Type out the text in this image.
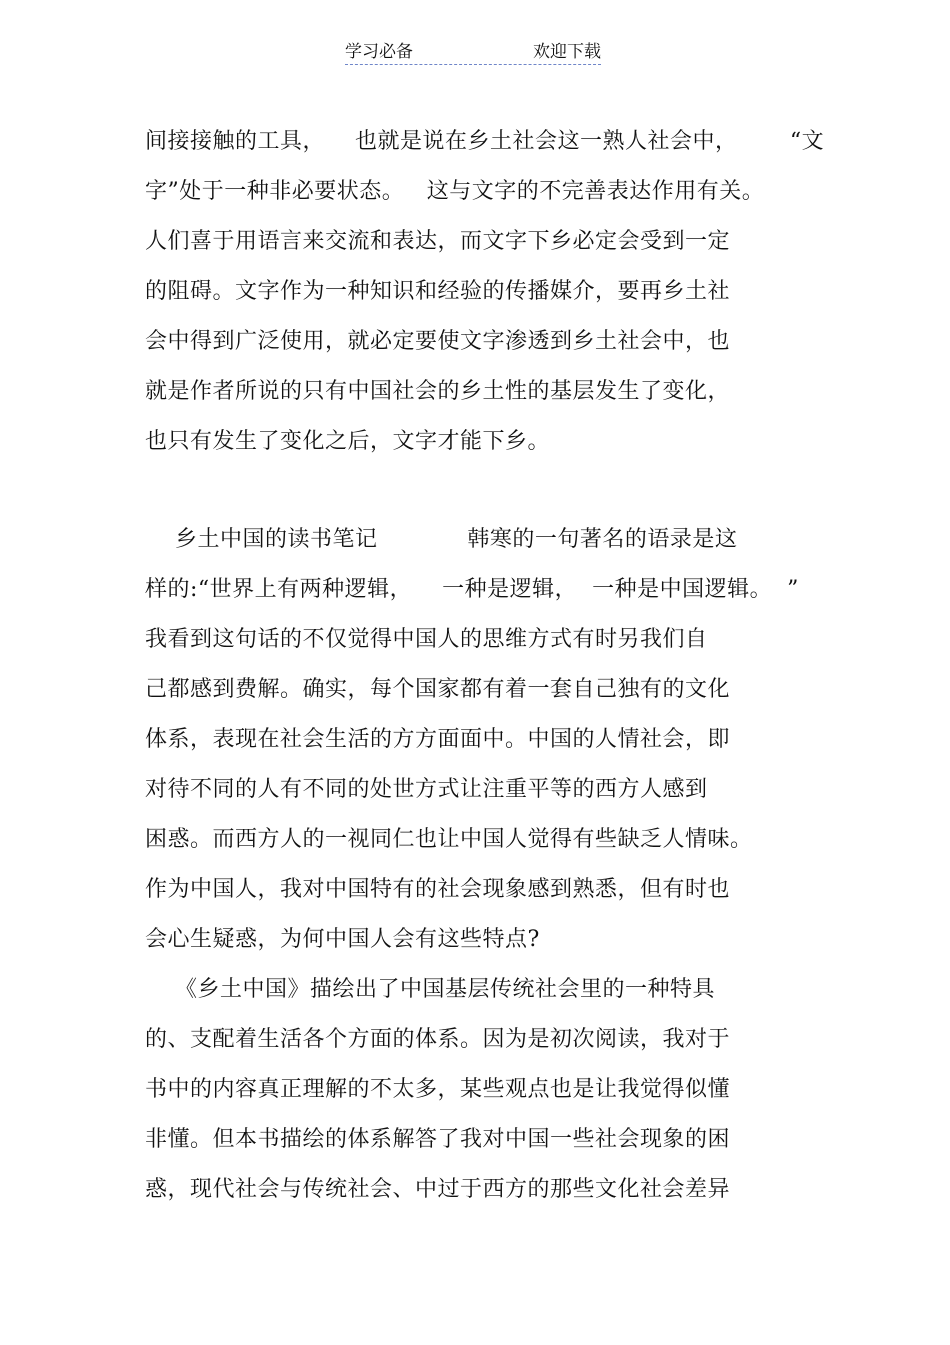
学习必备	欢迎下载
间接接触的工具，    也就是说在乡土社会这一熟人社会中，       “文
字”处于一种非必要状态。   这与文字的不完善表达作用有关。
人们喜于用语言来交流和表达，而文字下乡必定会受到一定
的阻碍。文字作为一种知识和经验的传播媒介，要再乡土社
会中得到广泛使用，就必定要使文字渗透到乡土社会中，也
就是作者所说的只有中国社会的乡土性的基层发生了变化，
也只有发生了变化之后，文字才能下乡。
乡土中国的读书笔记            韩寒的一句著名的语录是这
样的:“世界上有两种逻辑，    一种是逻辑，  一种是中国逻辑。  ”
我看到这句话的不仅觉得中国人的思维方式有时另我们自
己都感到费解。确实，每个国家都有着一套自己独有的文化
体系，表现在社会生活的方方面面中。中国的人情社会，即
对待不同的人有不同的处世方式让注重平等的西方人感到
困惑。而西方人的一视同仁也让中国人觉得有些缺乏人情味。
作为中国人，我对中国特有的社会现象感到熟悉，但有时也
会心生疑惑，为何中国人会有这些特点?
《乡土中国》描绘出了中国基层传统社会里的一种特具
的、支配着生活各个方面的体系。因为是初次阅读，我对于
书中的内容真正理解的不太多，某些观点也是让我觉得似懂
非懂。但本书描绘的体系解答了我对中国一些社会现象的困
惑，现代社会与传统社会、中过于西方的那些文化社会差异
